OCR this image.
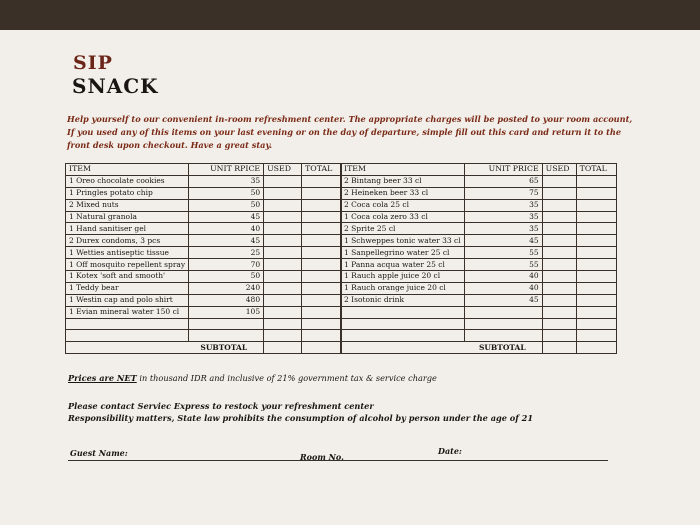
SIP
SNACK
Help yourself to our convenient in-room refreshment center. The appropriate charges will be posted to your room account,
If you used any of this items on your last evening or on the day of departure, simple fill out this card and return it to the
front desk upon checkout. Have a great stay.
ITEM	UNIT RPICE	USED	TOTAL
1 Oreo chocolate cookies	35		
1 Pringles potato chip	50		
2 Mixed nuts	50		
1 Natural granola	45		
1 Hand sanitiser gel	40		
2 Durex condoms, 3 pcs	45		
1 Wetties antiseptic tissue	25		
1 Off mosquito repellent spray	70		
1 Kotex 'soft and smooth'	50		
1 Teddy bear	240		
1 Westin cap and polo shirt	480		
1 Evian mineral water 150 cl	105		

SUBTOTAL			
ITEM	UNIT PRICE	USED	TOTAL
2 Bintang beer 33 cl	65		
2 Heineken beer 33 cl	75		
2 Coca cola 25 cl	35		
1 Coca cola zero 33 cl	35		
2 Sprite 25 cl	35		
1 Schweppes tonic water 33 cl	45		
1 Sanpellegrino water 25 cl	55		
1 Panna acqua water 25 cl	55		
1 Rauch apple juice 20 cl	40		
1 Rauch orange juice 20 cl	40		
2 Isotonic drink	45		

SUBTOTAL			
Prices are NET in thousand IDR and inclusive of 21% government tax & service charge
Please contact Serviec Express to restock your refreshment center
Responsibility matters, State law prohibits the consumption of alcohol by person under the age of 21
Guest Name:	Room No.
Date:
